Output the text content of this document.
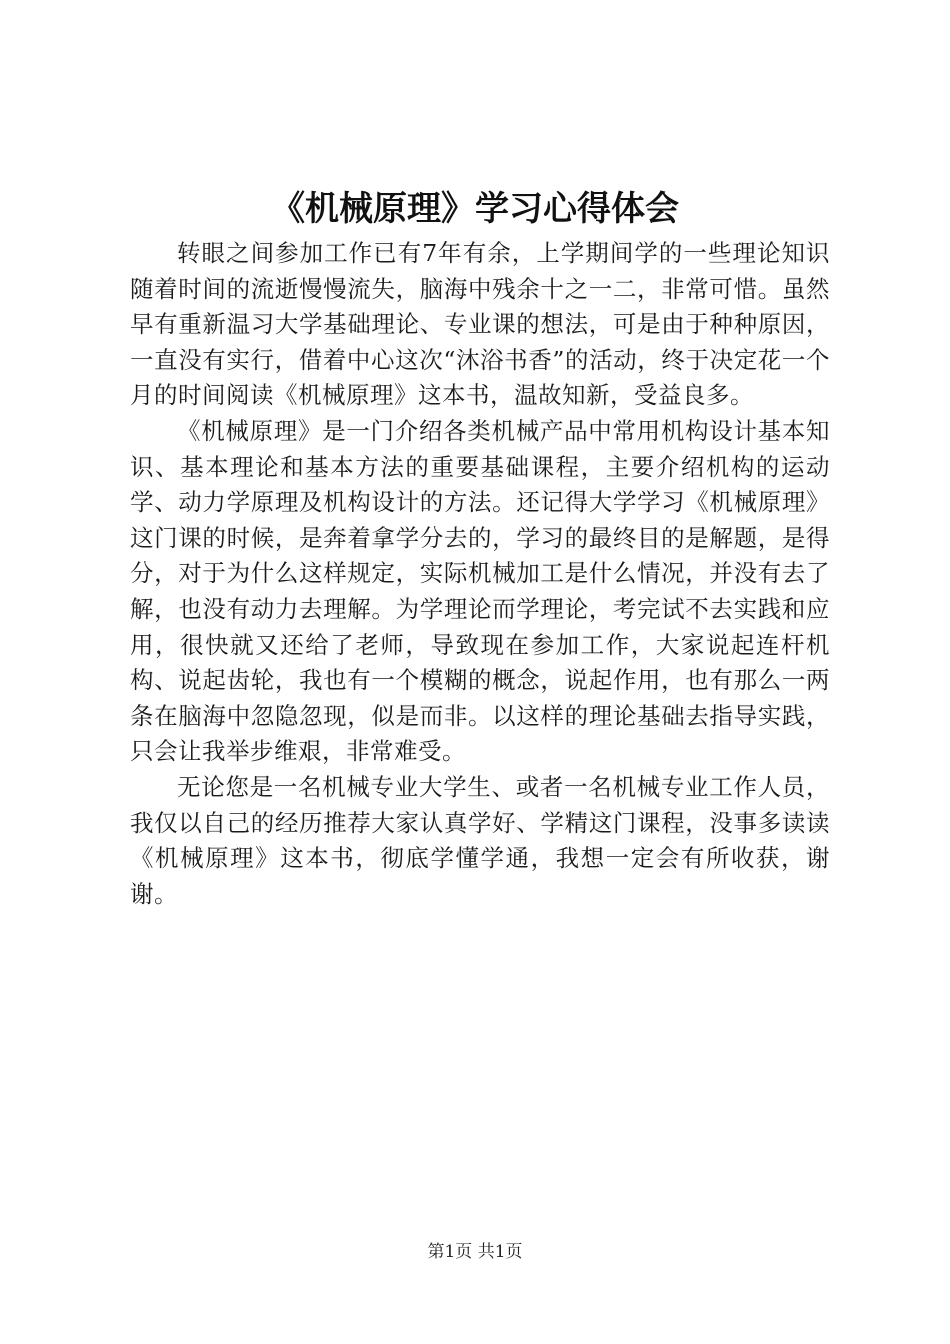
《机械原理》学习心得体会

转眼之间参加工作已有7年有余，上学期间学的一些理论知识随着时间的流逝慢慢流失，脑海中残余十之一二，非常可惜。虽然早有重新温习大学基础理论、专业课的想法，可是由于种种原因，一直没有实行，借着中心这次“沐浴书香”的活动，终于决定花一个月的时间阅读《机械原理》这本书，温故知新，受益良多。

《机械原理》是一门介绍各类机械产品中常用机构设计基本知识、基本理论和基本方法的重要基础课程，主要介绍机构的运动学、动力学原理及机构设计的方法。还记得大学学习《机械原理》这门课的时候，是奔着拿学分去的，学习的最终目的是解题，是得分，对于为什么这样规定，实际机械加工是什么情况，并没有去了解，也没有动力去理解。为学理论而学理论，考完试不去实践和应用，很快就又还给了老师，导致现在参加工作，大家说起连杆机构、说起齿轮，我也有一个模糊的概念，说起作用，也有那么一两条在脑海中忽隐忽现，似是而非。以这样的理论基础去指导实践，只会让我举步维艰，非常难受。

无论您是一名机械专业大学生、或者一名机械专业工作人员，我仅以自己的经历推荐大家认真学好、学精这门课程，没事多读读《机械原理》这本书，彻底学懂学通，我想一定会有所收获，谢谢。

第1页 共1页
